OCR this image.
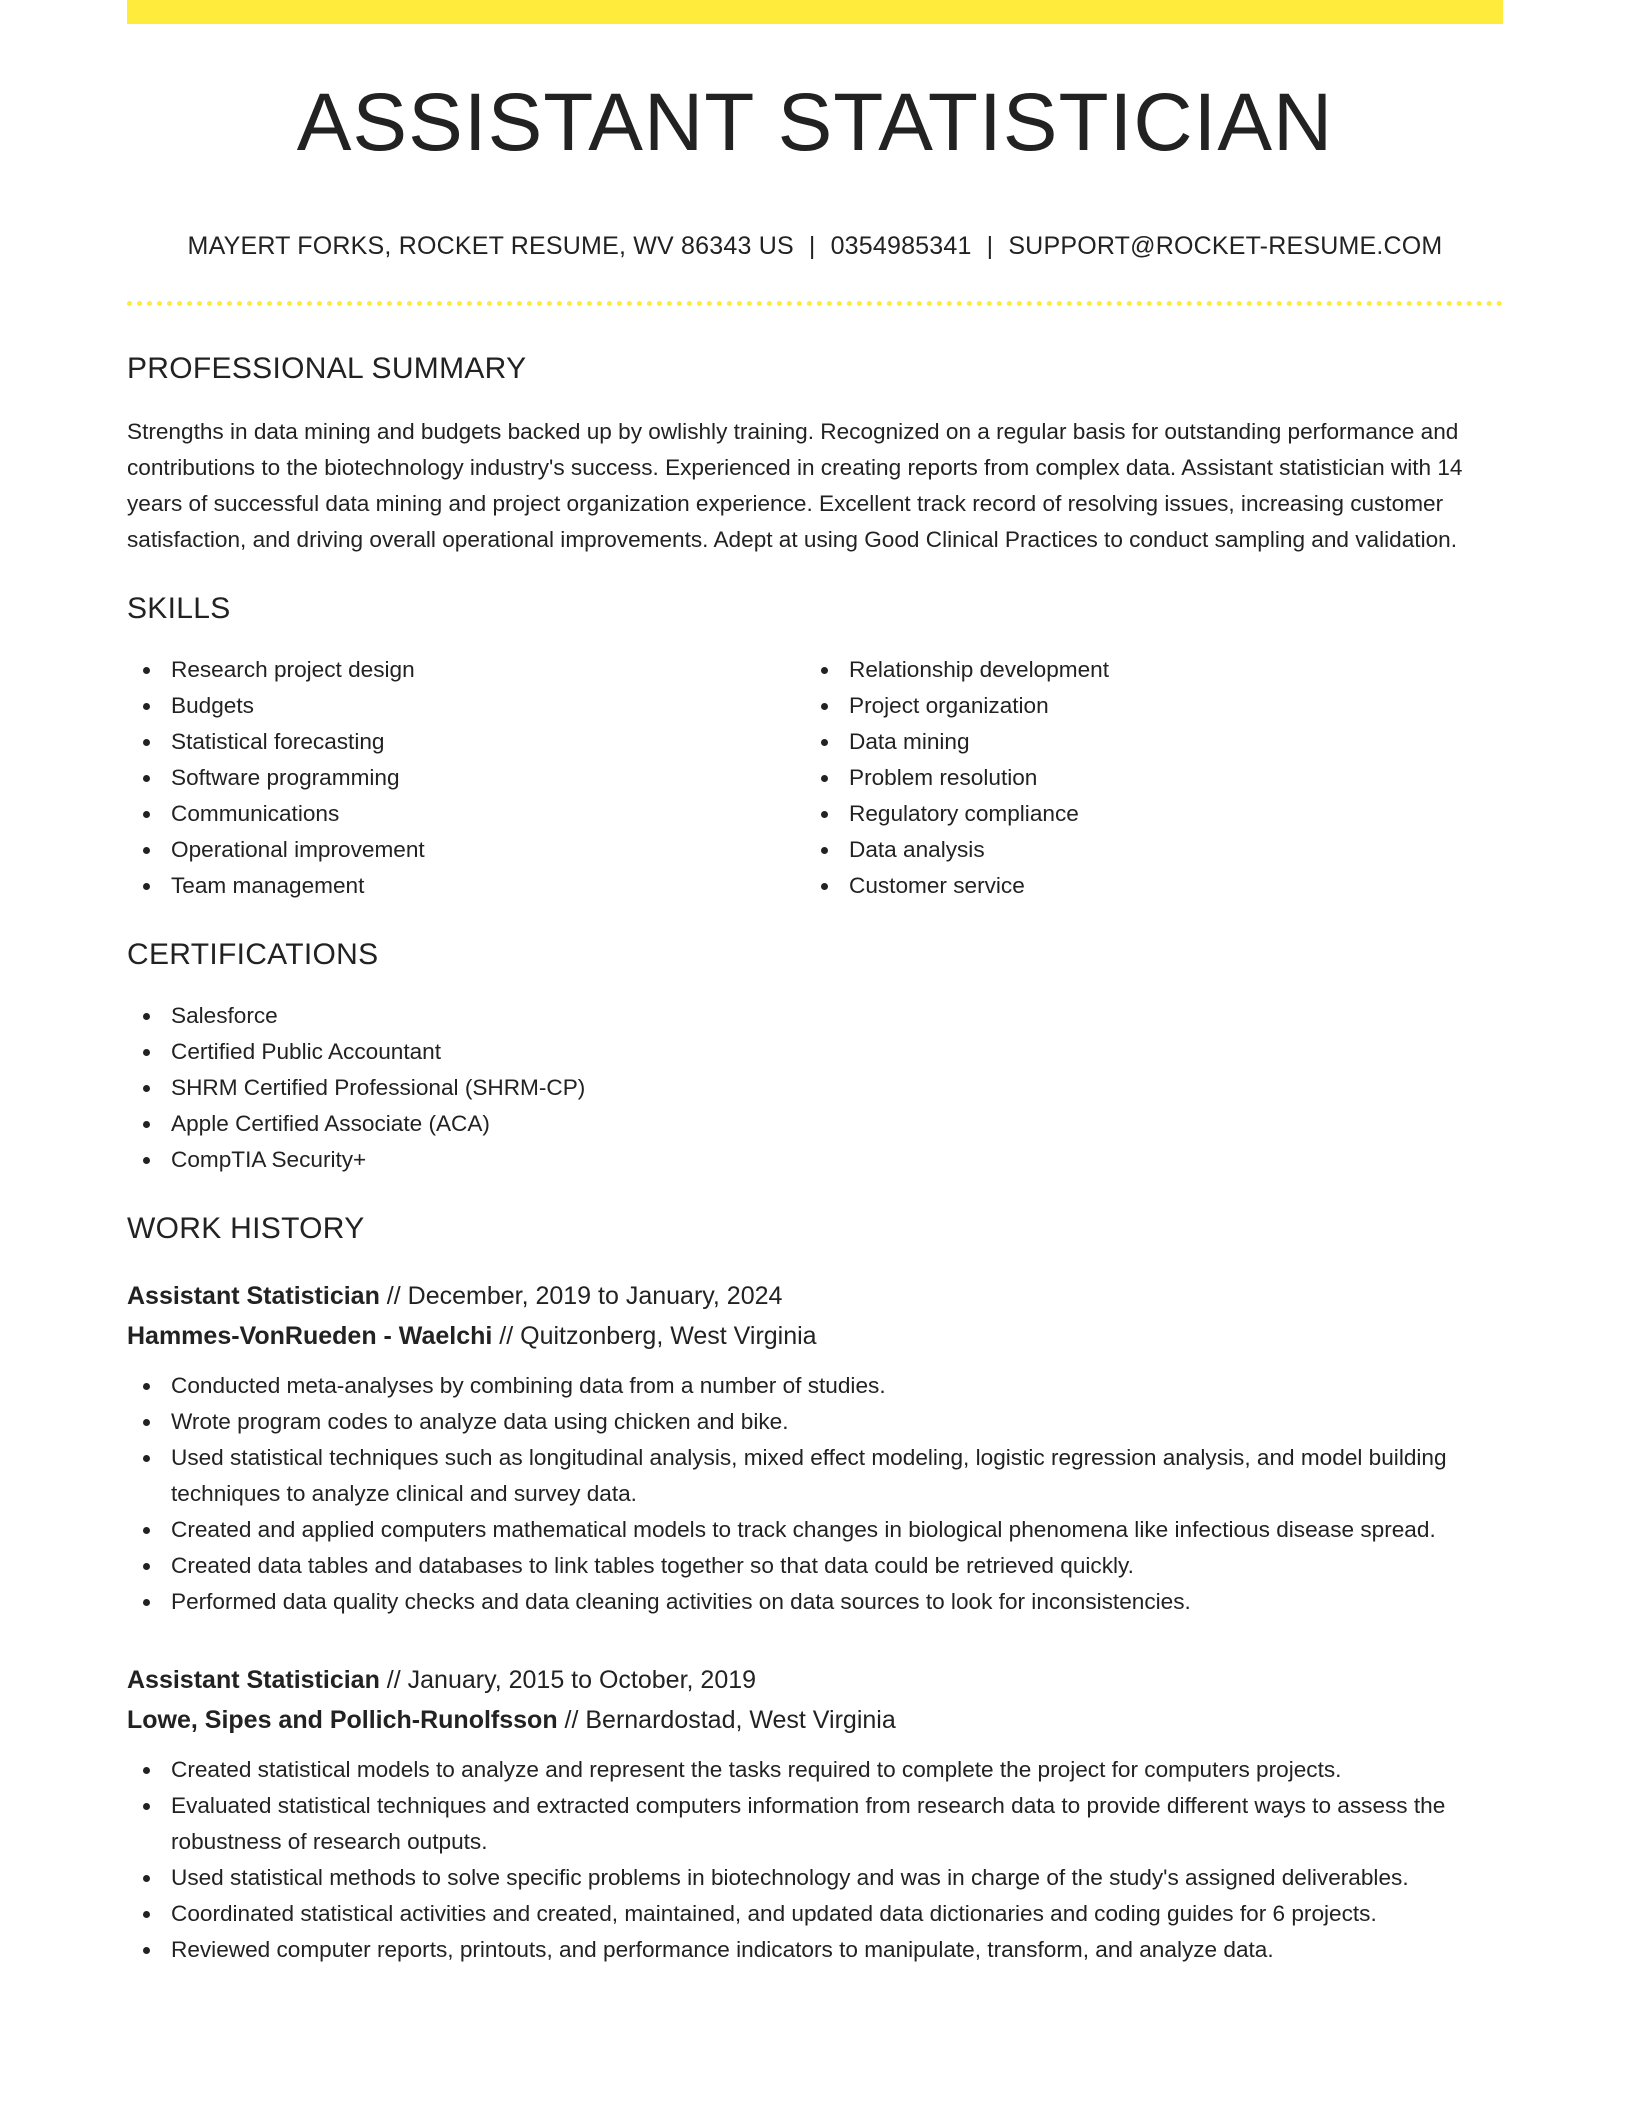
ASSISTANT STATISTICIAN
MAYERT FORKS, ROCKET RESUME, WV 86343 US | 0354985341 | SUPPORT@ROCKET-RESUME.COM
PROFESSIONAL SUMMARY

Strengths in data mining and budgets backed up by owlishly training. Recognized on a regular basis for outstanding performance and contributions to the biotechnology industry's success. Experienced in creating reports from complex data. Assistant statistician with 14 years of successful data mining and project organization experience. Excellent track record of resolving issues, increasing customer satisfaction, and driving overall operational improvements. Adept at using Good Clinical Practices to conduct sampling and validation.

SKILLS
Research project design
Budgets
Statistical forecasting
Software programming
Communications
Operational improvement
Team management
Relationship development
Project organization
Data mining
Problem resolution
Regulatory compliance
Data analysis
Customer service
CERTIFICATIONS
Salesforce
Certified Public Accountant
SHRM Certified Professional (SHRM-CP)
Apple Certified Associate (ACA)
CompTIA Security+
WORK HISTORY
Assistant Statistician // December, 2019 to January, 2024
Hammes-VonRueden - Waelchi // Quitzonberg, West Virginia
Conducted meta-analyses by combining data from a number of studies.
Wrote program codes to analyze data using chicken and bike.
Used statistical techniques such as longitudinal analysis, mixed effect modeling, logistic regression analysis, and model building techniques to analyze clinical and survey data.
Created and applied computers mathematical models to track changes in biological phenomena like infectious disease spread.
Created data tables and databases to link tables together so that data could be retrieved quickly.
Performed data quality checks and data cleaning activities on data sources to look for inconsistencies.
Assistant Statistician // January, 2015 to October, 2019
Lowe, Sipes and Pollich-Runolfsson // Bernardostad, West Virginia
Created statistical models to analyze and represent the tasks required to complete the project for computers projects.
Evaluated statistical techniques and extracted computers information from research data to provide different ways to assess the robustness of research outputs.
Used statistical methods to solve specific problems in biotechnology and was in charge of the study's assigned deliverables.
Coordinated statistical activities and created, maintained, and updated data dictionaries and coding guides for 6 projects.
Reviewed computer reports, printouts, and performance indicators to manipulate, transform, and analyze data.
